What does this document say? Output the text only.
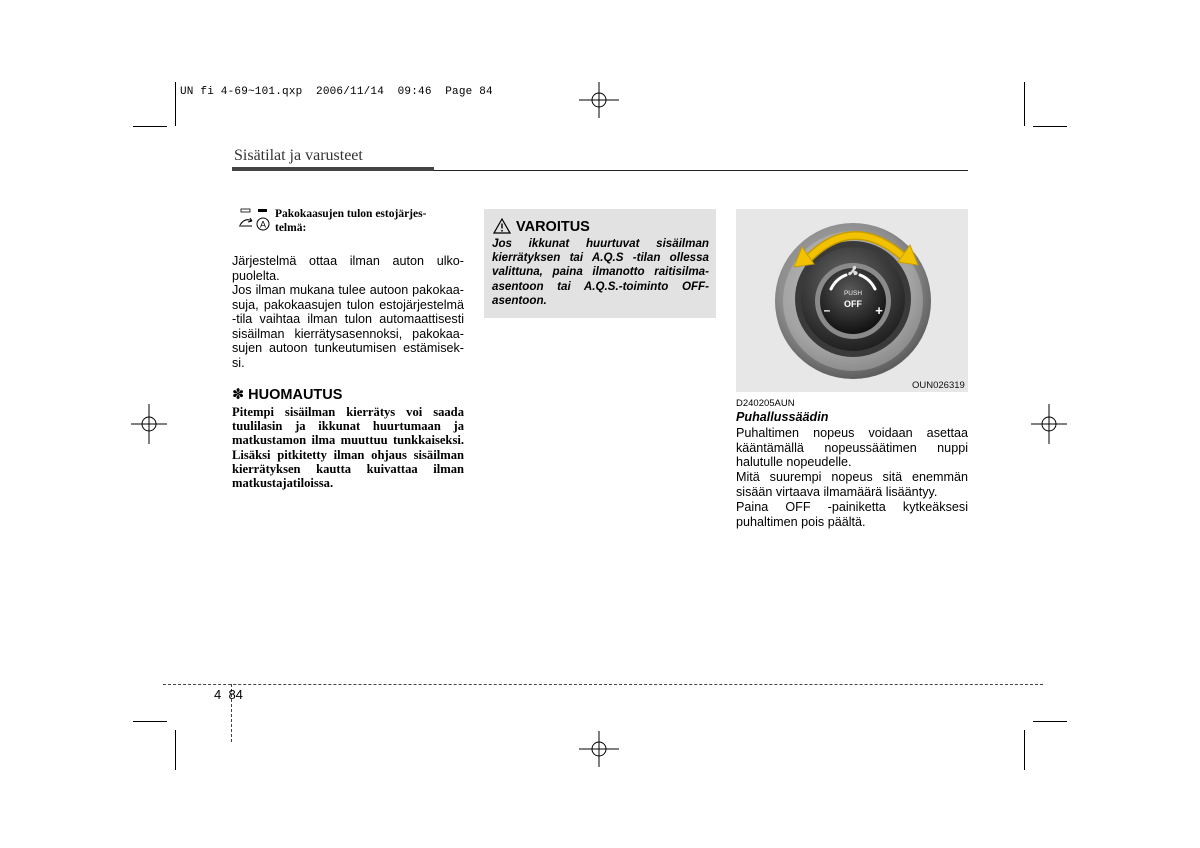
UN fi 4-69~101.qxp  2006/11/14  09:46  Page 84
Sisätilat ja varusteet
A
Pakokaasujen tulon estojärjes-
telmä:
Järjestelmä ottaa ilman auton ulko-puolelta.
Jos ilman mukana tulee autoon pakokaa-suja, pakokaasujen tulon estojärjestelmä -tila vaihtaa ilman tulon automaattisesti sisäilman kierrätysasennoksi, pakokaa-sujen autoon tunkeutumisen estämisek-si.
✽ HUOMAUTUS
Pitempi sisäilman kierrätys voi saada tuulilasin ja ikkunat huurtumaan ja matkustamon ilma muuttuu tunkkaiseksi. Lisäksi pitkitetty ilman ohjaus sisäilman kierrätyksen kautta kuivattaa ilman matkustajatiloissa.
VAROITUS
Jos ikkunat huurtuvat sisäilman kierrätyksen tai A.Q.S -tilan ollessa valittuna, paina ilmanotto raitisilma-asentoon tai A.Q.S.-toiminto OFF-asentoon.
PUSH
OFF
–	+
OUN026319
D240205AUN
Puhallussäädin
Puhaltimen nopeus voidaan asettaa kääntämällä nopeussäätimen nuppi halutulle nopeudelle.
Mitä suurempi nopeus sitä enemmän sisään virtaava ilmamäärä lisääntyy.
Paina OFF -painiketta kytkeäksesi puhaltimen pois päältä.
4  84
